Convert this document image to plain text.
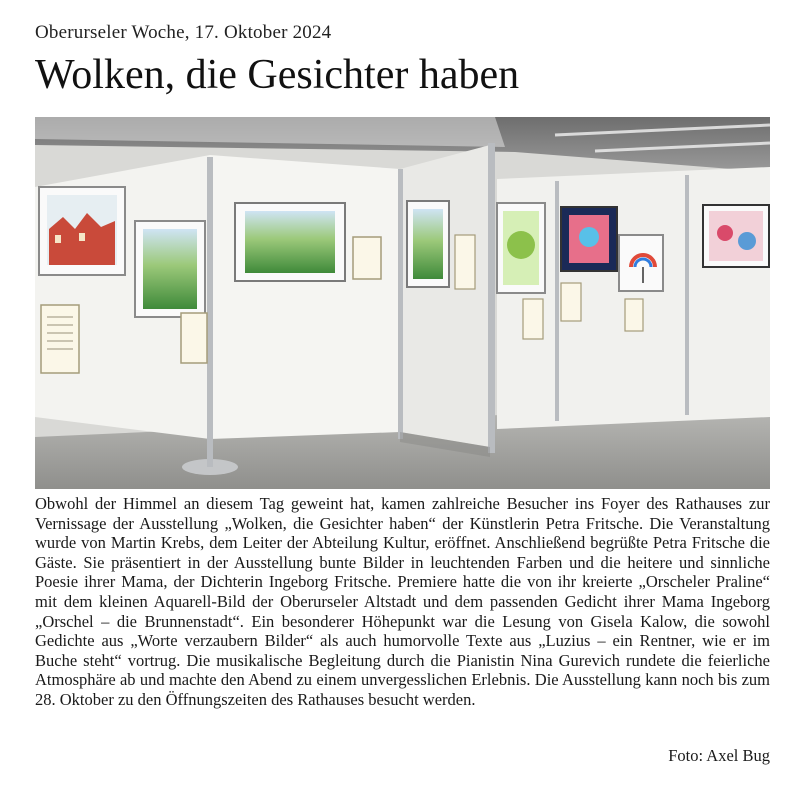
Oberurseler Woche, 17. Oktober 2024
Wolken, die Gesichter haben
Obwohl der Himmel an diesem Tag geweint hat, kamen zahlreiche Besucher ins Foyer des Rathauses zur Vernissage der Ausstellung „Wolken, die Gesichter haben“ der Künstlerin Petra Fritsche. Die Veranstaltung wurde von Martin Krebs, dem Leiter der Abteilung Kultur, eröffnet. Anschließend begrüßte Petra Fritsche die Gäste. Sie präsentiert in der Ausstellung bunte Bilder in leuchtenden Farben und die heitere und sinnliche Poesie ihrer Mama, der Dichterin Ingeborg Fritsche. Premiere hatte die von ihr kreierte „Orscheler Praline“ mit dem kleinen Aquarell-Bild der Oberurseler Altstadt und dem passenden Gedicht ihrer Mama Ingeborg „Orschel – die Brunnenstadt“. Ein besonderer Höhepunkt war die Lesung von Gisela Kalow, die sowohl Gedichte aus „Worte verzaubern Bilder“ als auch humorvolle Texte aus „Luzius – ein Rentner, wie er im Buche steht“ vortrug. Die musikalische Begleitung durch die Pianistin Nina Gurevich rundete die feierliche Atmosphäre ab und machte den Abend zu einem unvergesslichen Erlebnis. Die Ausstellung kann noch bis zum 28. Oktober zu den Öffnungszeiten des Rathauses besucht werden.
Foto: Axel Bug
